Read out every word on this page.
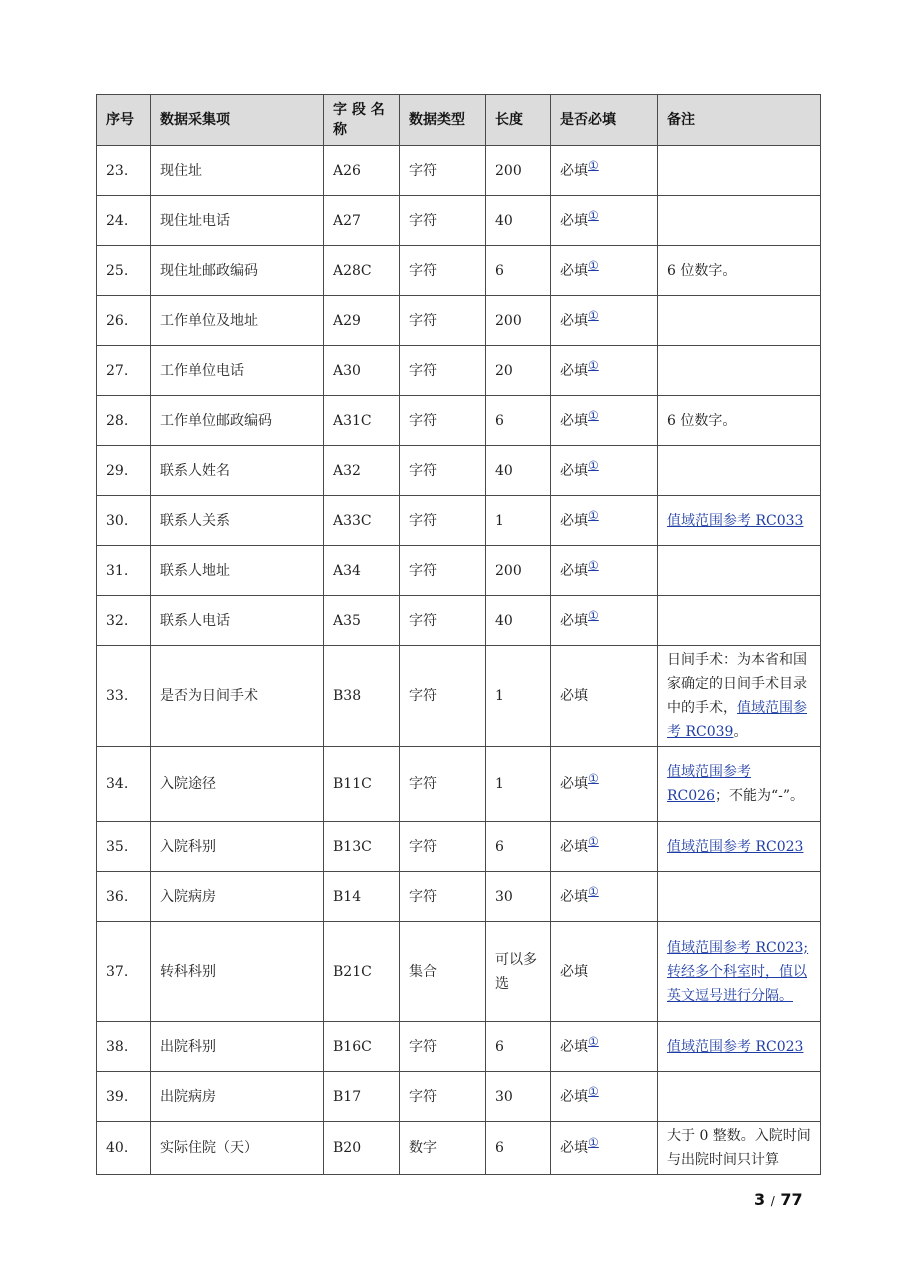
序号	数据采集项	字 段 名 称	数据类型	长度	是否必填	备注
23.	现住址	A26	字符	200	必填①	
24.	现住址电话	A27	字符	40	必填①	
25.	现住址邮政编码	A28C	字符	6	必填①	6 位数字。
26.	工作单位及地址	A29	字符	200	必填①	
27.	工作单位电话	A30	字符	20	必填①	
28.	工作单位邮政编码	A31C	字符	6	必填①	6 位数字。
29.	联系人姓名	A32	字符	40	必填①	
30.	联系人关系	A33C	字符	1	必填①	值域范围参考 RC033
31.	联系人地址	A34	字符	200	必填①	
32.	联系人电话	A35	字符	40	必填①	
33.	是否为日间手术	B38	字符	1	必填	日间手术：为本省和国家确定的日间手术目录中的手术，值域范围参考 RC039。
34.	入院途径	B11C	字符	1	必填①	值域范围参考 RC026；不能为“-”。
35.	入院科别	B13C	字符	6	必填①	值域范围参考 RC023
36.	入院病房	B14	字符	30	必填①	
37.	转科科别	B21C	集合	可以多选	必填	值域范围参考 RC023;转经多个科室时，值以英文逗号进行分隔。
38.	出院科别	B16C	字符	6	必填①	值域范围参考 RC023
39.	出院病房	B17	字符	30	必填①	
40.	实际住院（天）	B20	数字	6	必填①	大于 0 整数。入院时间与出院时间只计算
3 / 77
